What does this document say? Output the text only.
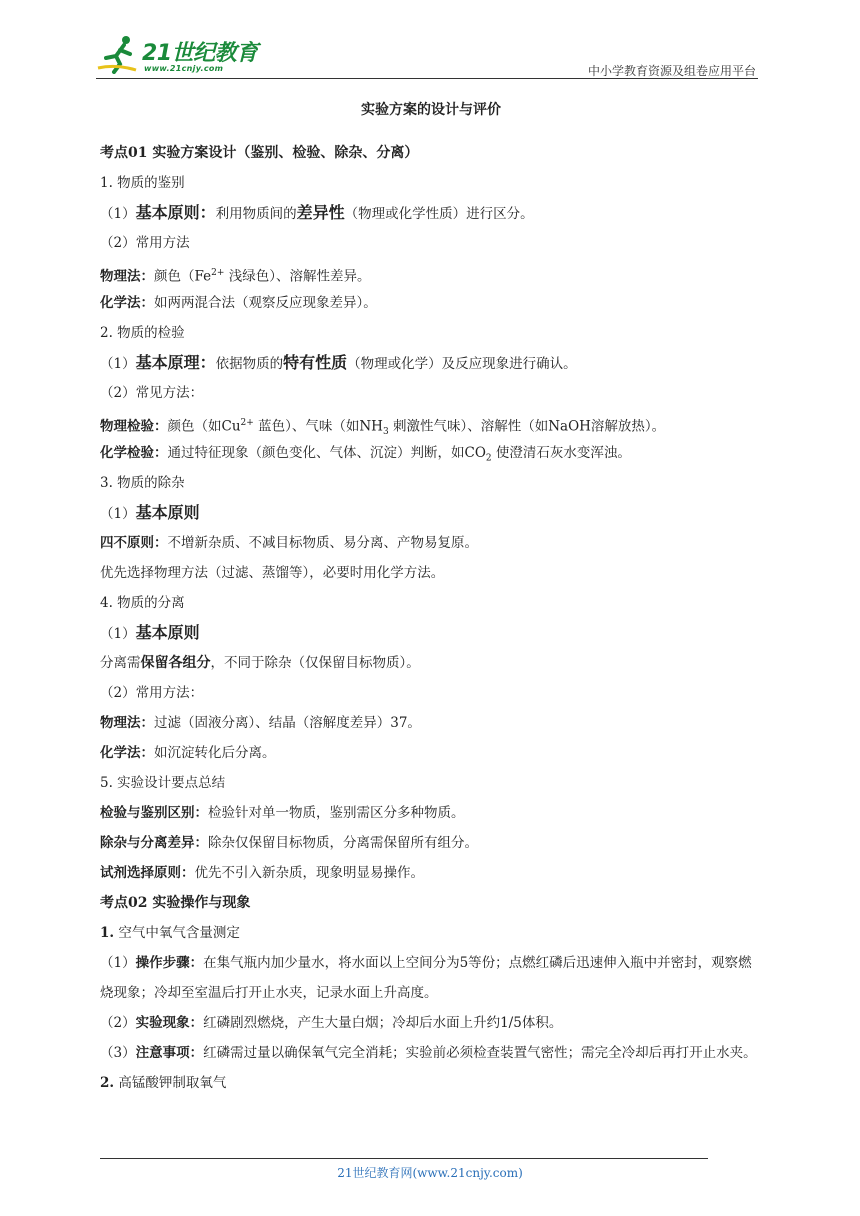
21世纪教育
www.21cnjy.com	中小学教育资源及组卷应用平台
实验方案的设计与评价
考点01 实验方案设计（鉴别、检验、除杂、分离）
1. 物质的鉴别
（1）基本原则：利用物质间的差异性（物理或化学性质）进行区分。
（2）常用方法
物理法：颜色（$Fe^{2+}$ 浅绿色）、溶解性差异。
化学法：如两两混合法（观察反应现象差异）。
2. 物质的检验
（1）基本原理：依据物质的特有性质（物理或化学）及反应现象进行确认。
（2）常见方法：
物理检验：颜色（如$Cu^{2+}$ 蓝色）、气味（如$NH_3$ 刺激性气味）、溶解性（如NaOH溶解放热）。
化学检验：通过特征现象（颜色变化、气体、沉淀）判断，如$CO_2$ 使澄清石灰水变浑浊。
3. 物质的除杂
（1）基本原则
四不原则：不增新杂质、不减目标物质、易分离、产物易复原。
优先选择物理方法（过滤、蒸馏等），必要时用化学方法。
4. 物质的分离
（1）基本原则
分离需保留各组分，不同于除杂（仅保留目标物质）。
（2）常用方法：
物理法：过滤（固液分离）、结晶（溶解度差异）37。
化学法：如沉淀转化后分离。
5. 实验设计要点总结
检验与鉴别区别：检验针对单一物质，鉴别需区分多种物质。
除杂与分离差异：除杂仅保留目标物质，分离需保留所有组分。
试剂选择原则：优先不引入新杂质，现象明显易操作。
考点02 实验操作与现象
1. 空气中氧气含量测定
（1）操作步骤：在集气瓶内加少量水，将水面以上空间分为5等份；点燃红磷后迅速伸入瓶中并密封，观察燃烧现象；冷却至室温后打开止水夹，记录水面上升高度。
（2）实验现象：红磷剧烈燃烧，产生大量白烟；冷却后水面上升约1/5体积。
（3）注意事项：红磷需过量以确保氧气完全消耗；实验前必须检查装置气密性；需完全冷却后再打开止水夹。
2. 高锰酸钾制取氧气
21世纪教育网(www.21cnjy.com)
